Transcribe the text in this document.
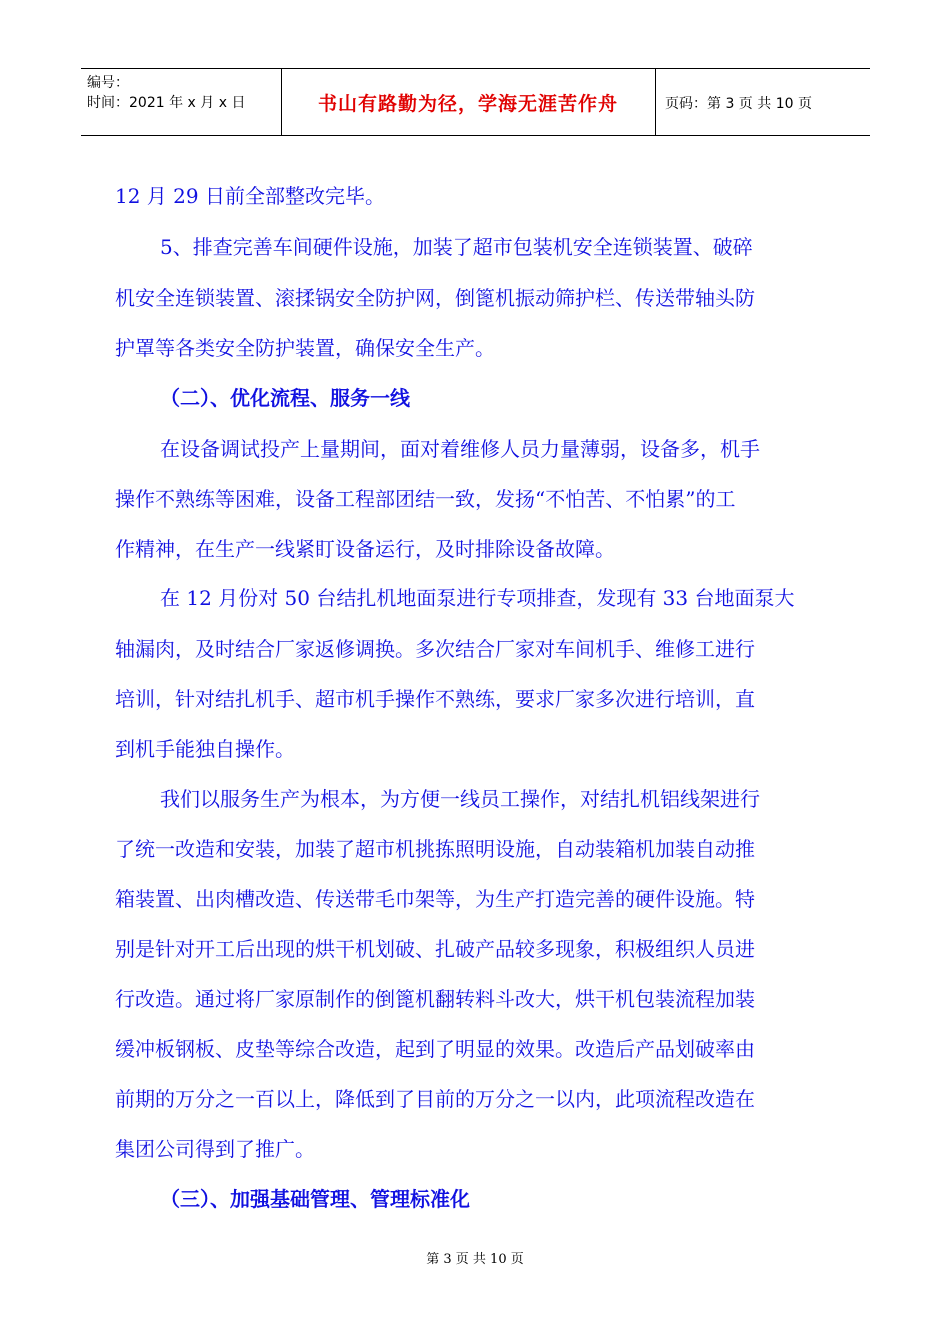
编号：
时间：2021 年 x 月 x 日	书山有路勤为径，学海无涯苦作舟	页码：第 3 页 共 10 页
12 月 29 日前全部整改完毕。
5、排查完善车间硬件设施，加装了超市包装机安全连锁装置、破碎
机安全连锁装置、滚揉锅安全防护网，倒篦机振动筛护栏、传送带轴头防
护罩等各类安全防护装置，确保安全生产。
（二）、优化流程、服务一线
在设备调试投产上量期间，面对着维修人员力量薄弱，设备多，机手
操作不熟练等困难，设备工程部团结一致，发扬“不怕苦、不怕累”的工
作精神，在生产一线紧盯设备运行，及时排除设备故障。
在 12 月份对 50 台结扎机地面泵进行专项排查，发现有 33 台地面泵大
轴漏肉，及时结合厂家返修调换。多次结合厂家对车间机手、维修工进行
培训，针对结扎机手、超市机手操作不熟练，要求厂家多次进行培训，直
到机手能独自操作。
我们以服务生产为根本，为方便一线员工操作，对结扎机铝线架进行
了统一改造和安装，加装了超市机挑拣照明设施，自动装箱机加装自动推
箱装置、出肉槽改造、传送带毛巾架等，为生产打造完善的硬件设施。特
别是针对开工后出现的烘干机划破、扎破产品较多现象，积极组织人员进
行改造。通过将厂家原制作的倒篦机翻转料斗改大，烘干机包装流程加装
缓冲板钢板、皮垫等综合改造，起到了明显的效果。改造后产品划破率由
前期的万分之一百以上，降低到了目前的万分之一以内，此项流程改造在
集团公司得到了推广。
（三）、加强基础管理、管理标准化
第 3 页 共 10 页
